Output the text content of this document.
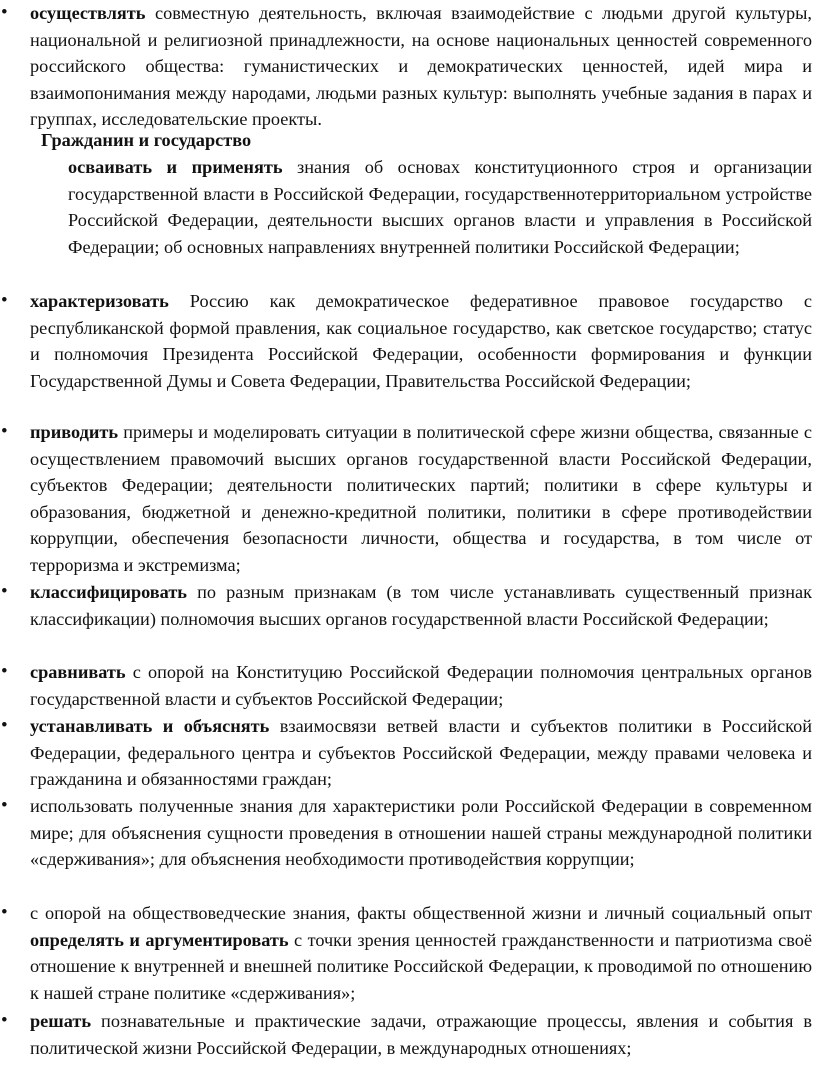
• осуществлять совместную деятельность, включая взаимодействие с людьми другой культуры, национальной и религиозной принадлежности, на основе национальных ценностей современного российского общества: гуманистических и демократических ценностей, идей мира и взаимопонимания между народами, людьми разных культур: выполнять учебные задания в парах и группах, исследовательские проекты.
Гражданин и государство
осваивать и применять знания об основах конституционного строя и организации государственной власти в Российской Федерации, государственнотерриториальном устройстве Российской Федерации, деятельности высших органов власти и управления в Российской Федерации; об основных направлениях внутренней политики Российской Федерации;
• характеризовать Россию как демократическое федеративное правовое государство с республиканской формой правления, как социальное государство, как светское государство; статус и полномочия Президента Российской Федерации, особенности формирования и функции Государственной Думы и Совета Федерации, Правительства Российской Федерации;
• приводить примеры и моделировать ситуации в политической сфере жизни общества, связанные с осуществлением правомочий высших органов государственной власти Российской Федерации, субъектов Федерации; деятельности политических партий; политики в сфере культуры и образования, бюджетной и денежно-кредитной политики, политики в сфере противодействии коррупции, обеспечения безопасности личности, общества и государства, в том числе от терроризма и экстремизма;
• классифицировать по разным признакам (в том числе устанавливать существенный признак классификации) полномочия высших органов государственной власти Российской Федерации;
• сравнивать с опорой на Конституцию Российской Федерации полномочия центральных органов государственной власти и субъектов Российской Федерации;
• устанавливать и объяснять взаимосвязи ветвей власти и субъектов политики в Российской Федерации, федерального центра и субъектов Российской Федерации, между правами человека и гражданина и обязанностями граждан;
• использовать полученные знания для характеристики роли Российской Федерации в современном мире; для объяснения сущности проведения в отношении нашей страны международной политики «сдерживания»; для объяснения необходимости противодействия коррупции;
• с опорой на обществоведческие знания, факты общественной жизни и личный социальный опыт определять и аргументировать с точки зрения ценностей гражданственности и патриотизма своё отношение к внутренней и внешней политике Российской Федерации, к проводимой по отношению к нашей стране политике «сдерживания»;
• решать познавательные и практические задачи, отражающие процессы, явления и события в политической жизни Российской Федерации, в международных отношениях;
